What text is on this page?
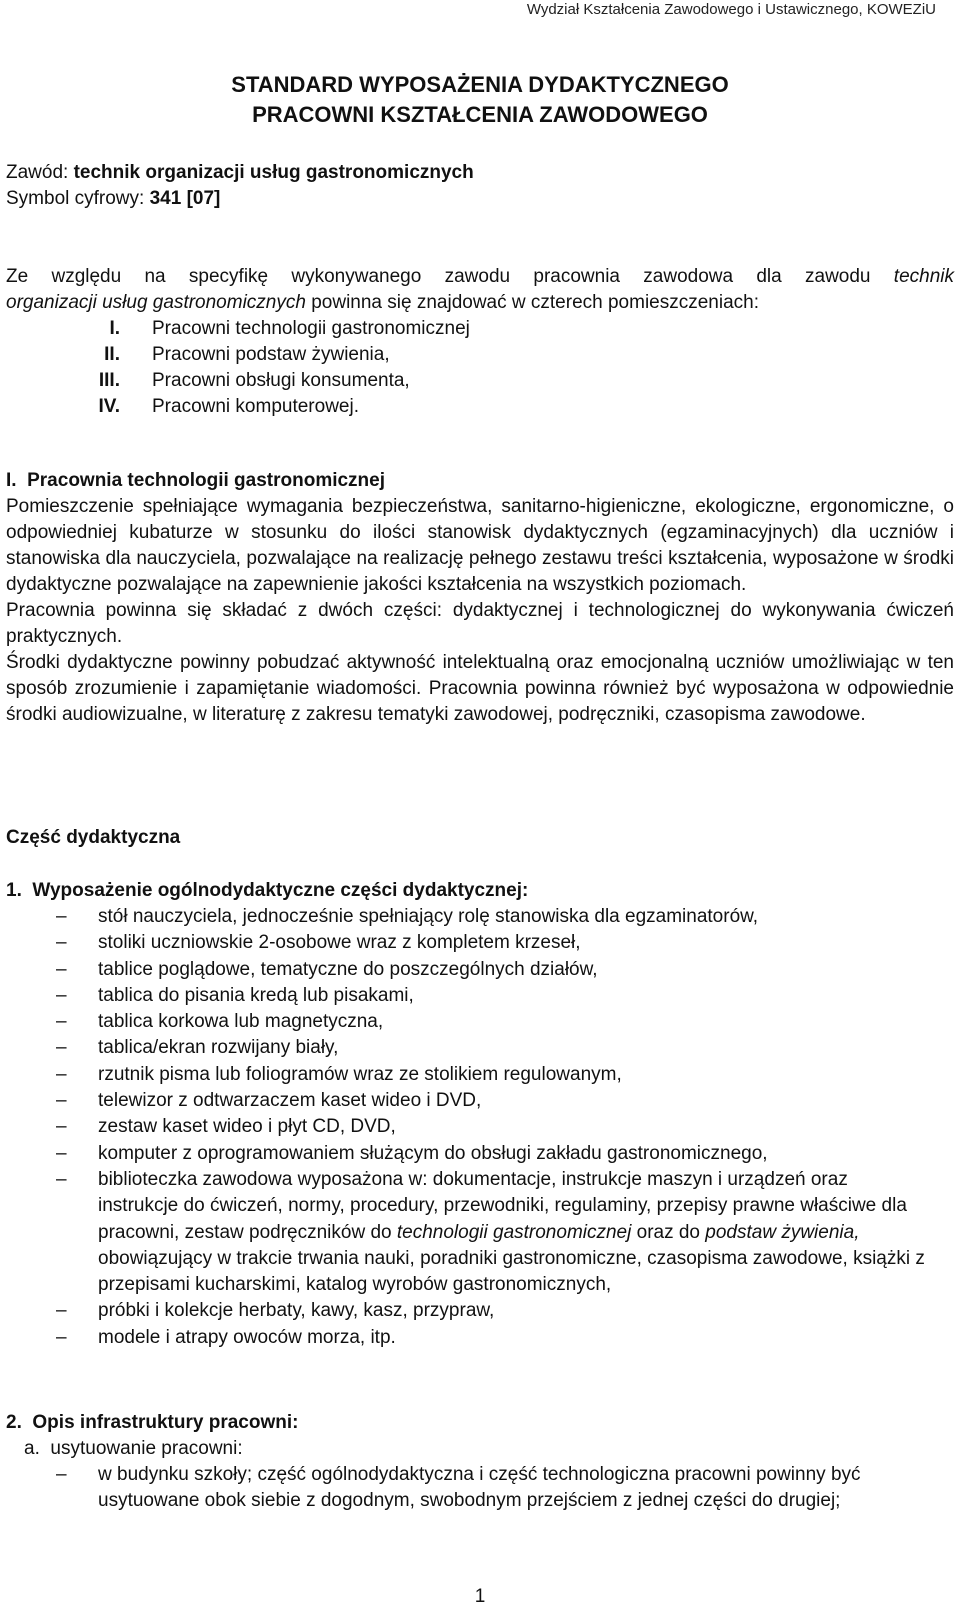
Wydział Kształcenia Zawodowego i Ustawicznego, KOWEZiU
STANDARD WYPOSAŻENIA DYDAKTYCZNEGO
PRACOWNI KSZTAŁCENIA ZAWODOWEGO
Zawód: technik organizacji usług gastronomicznych
Symbol cyfrowy: 341 [07]
Ze względu na specyfikę wykonywanego zawodu pracownia zawodowa dla zawodu technik
organizacji usług gastronomicznych powinna się znajdować w czterech pomieszczeniach:
I. Pracowni technologii gastronomicznej
II. Pracowni podstaw żywienia,
III. Pracowni obsługi konsumenta,
IV. Pracowni komputerowej.
I.  Pracownia technologii gastronomicznej
Pomieszczenie spełniające wymagania bezpieczeństwa, sanitarno-higieniczne, ekologiczne, ergonomiczne, o odpowiedniej kubaturze w stosunku do ilości stanowisk dydaktycznych (egzaminacyjnych) dla uczniów i stanowiska dla nauczyciela, pozwalające na realizację pełnego zestawu treści kształcenia, wyposażone w środki dydaktyczne pozwalające na zapewnienie jakości kształcenia na wszystkich poziomach.
Pracownia powinna się składać z dwóch części: dydaktycznej i technologicznej do wykonywania ćwiczeń praktycznych.
Środki dydaktyczne powinny pobudzać aktywność intelektualną oraz emocjonalną uczniów umożliwiając w ten sposób zrozumienie i zapamiętanie wiadomości. Pracownia powinna również być wyposażona w odpowiednie środki audiowizualne, w literaturę z zakresu tematyki zawodowej, podręczniki, czasopisma zawodowe.
Część dydaktyczna
1.  Wyposażenie ogólnodydaktyczne części dydaktycznej:
– stół nauczyciela, jednocześnie spełniający rolę stanowiska dla egzaminatorów,
– stoliki uczniowskie 2-osobowe wraz z kompletem krzeseł,
– tablice poglądowe, tematyczne do poszczególnych działów,
– tablica do pisania kredą lub pisakami,
– tablica korkowa lub magnetyczna,
– tablica/ekran rozwijany biały,
– rzutnik pisma lub foliogramów wraz ze stolikiem regulowanym,
– telewizor z odtwarzaczem kaset wideo i DVD,
– zestaw kaset wideo i płyt CD, DVD,
– komputer z oprogramowaniem służącym do obsługi zakładu gastronomicznego,
– biblioteczka zawodowa wyposażona w: dokumentacje, instrukcje maszyn i urządzeń oraz instrukcje do ćwiczeń, normy, procedury, przewodniki, regulaminy, przepisy prawne właściwe dla pracowni, zestaw podręczników do technologii gastronomicznej oraz do podstaw żywienia, obowiązujący w trakcie trwania nauki, poradniki gastronomiczne, czasopisma zawodowe, książki z przepisami kucharskimi, katalog wyrobów gastronomicznych,
– próbki i kolekcje herbaty, kawy, kasz, przypraw,
– modele i atrapy owoców morza, itp.
2.  Opis infrastruktury pracowni:
a.  usytuowanie pracowni:
– w budynku szkoły; część ogólnodydaktyczna i część technologiczna pracowni powinny być usytuowane obok siebie z dogodnym, swobodnym przejściem z jednej części do drugiej;
1
